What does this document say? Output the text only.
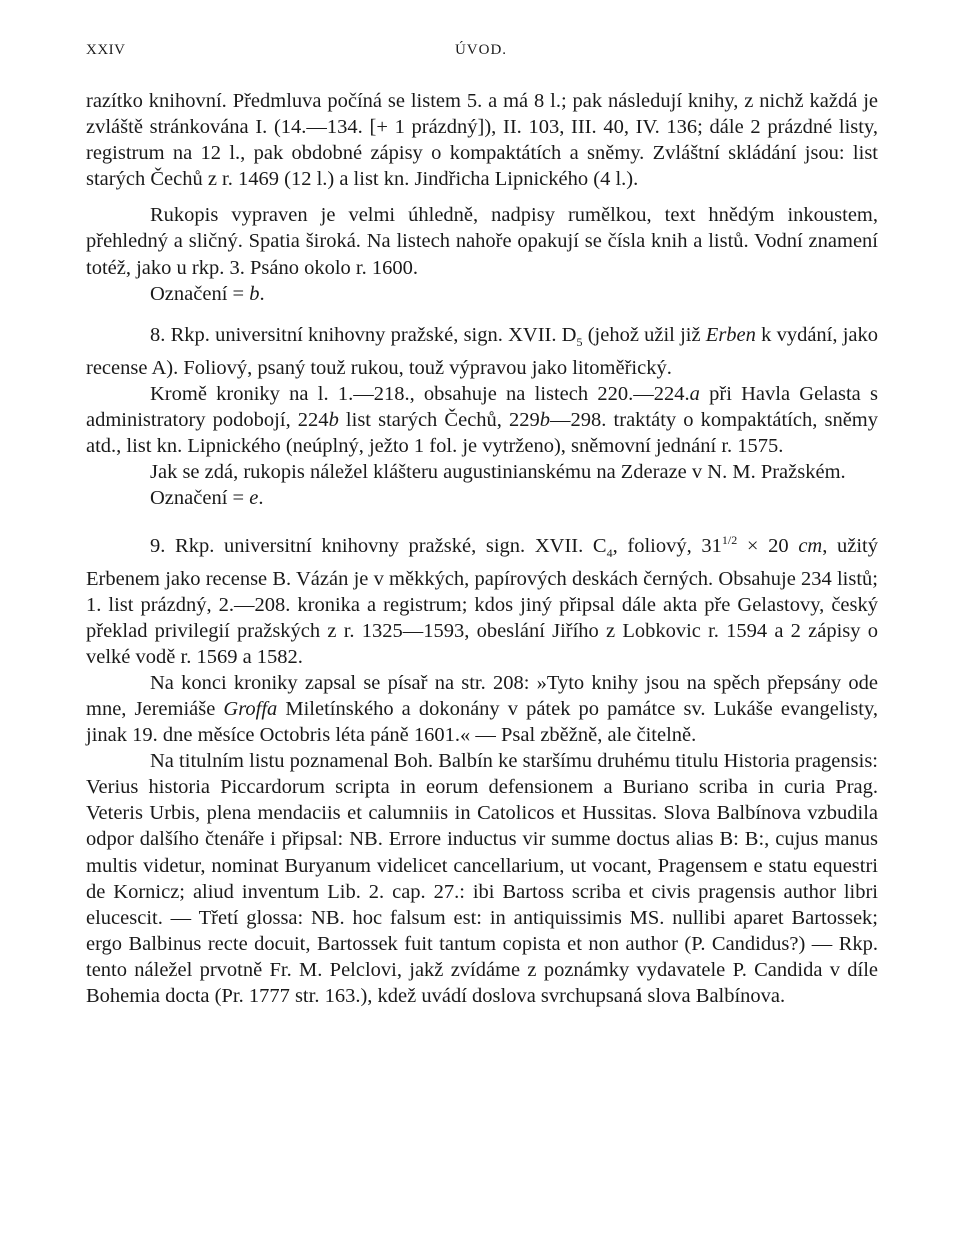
XXIV	ÚVOD.

razítko knihovní. Předmluva počíná se listem 5. a má 8 l.; pak následují knihy, z nichž každá je zvláště stránkována I. (14.—134. [+ 1 prázdný]), II. 103, III. 40, IV. 136; dále 2 prázdné listy, registrum na 12 l., pak obdobné zápisy o kompaktátích a sněmy. Zvláštní skládání jsou: list starých Čechů z r. 1469 (12 l.) a list kn. Jindřicha Lipnického (4 l.).

Rukopis vypraven je velmi úhledně, nadpisy rumělkou, text hnědým inkoustem, přehledný a sličný. Spatia široká. Na listech nahoře opakují se čísla knih a listů. Vodní znamení totéž, jako u rkp. 3. Psáno okolo r. 1600.

Označení = b.

8. Rkp. universitní knihovny pražské, sign. XVII. $D_5$ (jehož užil již Erben k vydání, jako recense A). Foliový, psaný touž rukou, touž výpravou jako litoměřický.

Kromě kroniky na l. 1.—218., obsahuje na listech 220.—224.a při Havla Gelasta s administratory podobojí, 224b list starých Čechů, 229b—298. traktáty o kompaktátích, sněmy atd., list kn. Lipnického (neúplný, ježto 1 fol. je vytrženo), sněmovní jednání r. 1575.

Jak se zdá, rukopis náležel klášteru augustinianskému na Zderaze v N. M. Pražském.

Označení = e.

9. Rkp. universitní knihovny pražské, sign. XVII. $C_4$, foliový, $31^{1/2} \times 20$ cm, užitý Erbenem jako recense B. Vázán je v měkkých, papírových deskách černých. Obsahuje 234 listů; 1. list prázdný, 2.—208. kronika a registrum; kdos jiný připsal dále akta pře Gelastovy, český překlad privilegií pražských z r. 1325—1593, obeslání Jiřího z Lobkovic r. 1594 a 2 zápisy o velké vodě r. 1569 a 1582.

Na konci kroniky zapsal se písař na str. 208: »Tyto knihy jsou na spěch přepsány ode mne, Jeremiáše Groffa Miletínského a dokonány v pátek po památce sv. Lukáše evangelisty, jinak 19. dne měsíce Octobris léta páně 1601.« — Psal zběžně, ale čitelně.

Na titulním listu poznamenal Boh. Balbín ke staršímu druhému titulu Historia pragensis: Verius historia Piccardorum scripta in eorum defensionem a Buriano scriba in curia Prag. Veteris Urbis, plena mendaciis et calumniis in Catolicos et Hussitas. Slova Balbínova vzbudila odpor dalšího čtenáře i připsal: NB. Errore inductus vir summe doctus alias B: B:, cujus manus multis videtur, nominat Buryanum videlicet cancellarium, ut vocant, Pragensem e statu equestri de Kornicz; aliud inventum Lib. 2. cap. 27.: ibi Bartoss scriba et civis pragensis author libri elucescit. — Třetí glossa: NB. hoc falsum est: in antiquissimis MS. nullibi aparet Bartossek; ergo Balbinus recte docuit, Bartossek fuit tantum copista et non author (P. Candidus?) — Rkp. tento náležel prvotně Fr. M. Pelclovi, jakž zvídáme z poznámky vydavatele P. Candida v díle Bohemia docta (Pr. 1777 str. 163.), kdež uvádí doslova svrchupsaná slova Balbínova.
